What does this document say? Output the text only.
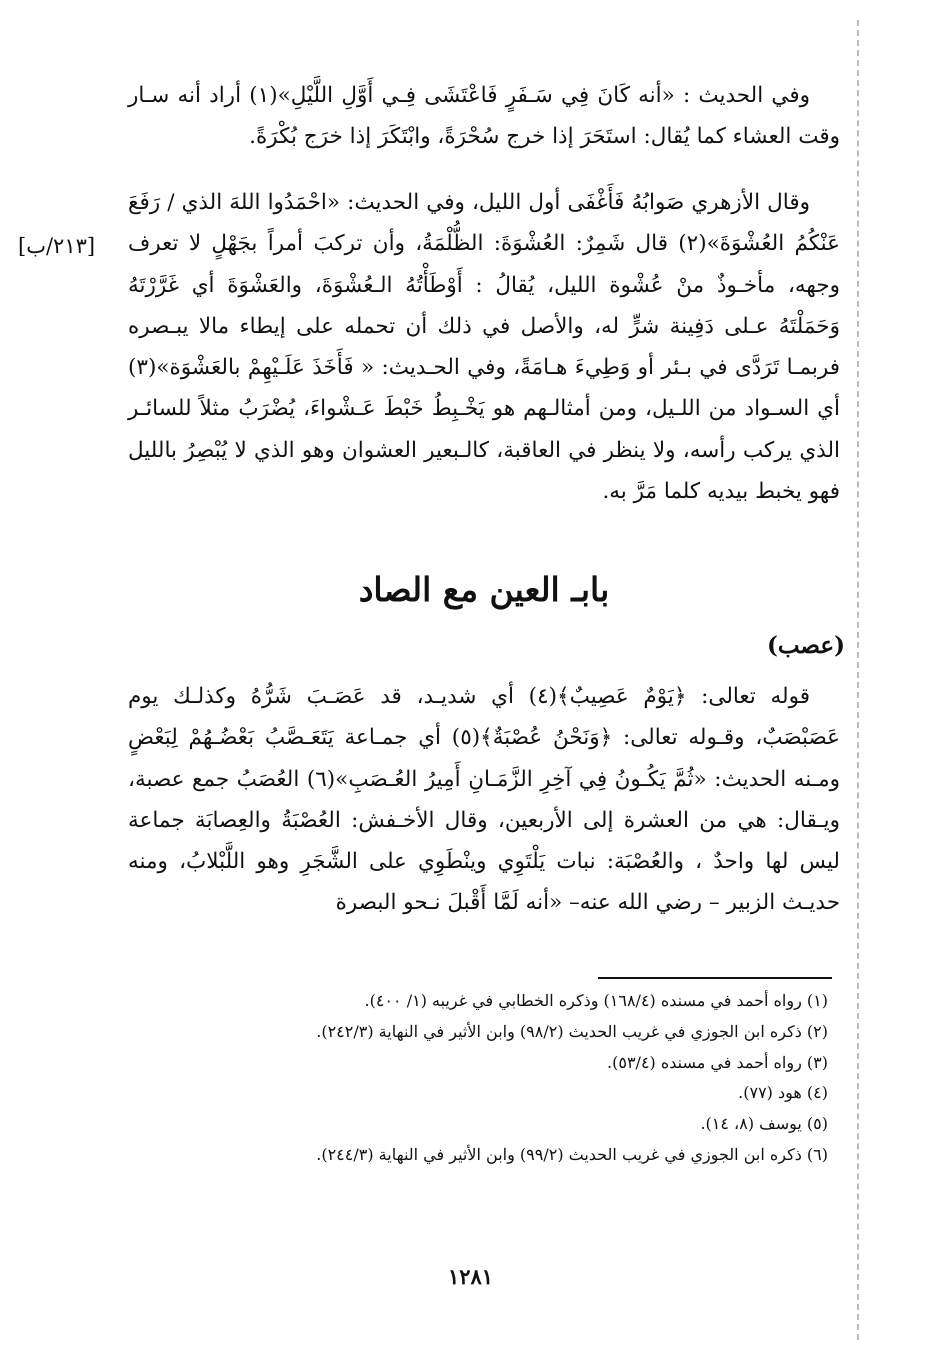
وفي الحديث : «أنه كَانَ فِي سَـفَرٍ فَاعْتَشَى فِـي أَوَّلِ اللَّيْلِ»(١) أراد أنه سـار وقت العشاء كما يُقال: استَحَرَ إذا خرج سُحْرَةً، وابْتَكَرَ إذا خرَج بُكْرَةً.

وقال الأزهري صَوابُهُ فَأَغْفَى أول الليل، وفي الحديث: «احْمَدُوا اللهَ الذي / رَفَعَ عَنْكُمُ العُشْوَةَ»(٢) قال شَمِرٌ: العُشْوَةَ: الظُّلْمَةُ، وأن تركبَ أمراً بجَهْلٍ لا تعرف وجهه، مأخـوذٌ منْ عُشْوة الليل، يُقالُ : أَوْطَأْتُهُ الـعُشْوَةَ، والعَشْوَةَ أي غَرَّرْتَهُ وَحَمَلْتَهُ عـلى دَفِينة شرٍّ له، والأصل في ذلك أن تحمله على إيطاء مالا يبـصره فربمـا تَرَدَّى في بـئر أو وَطِيءَ هـامَةً، وفي الحـديث: « فَأَخَذَ عَلَـيْهِمْ بالعَشْوَة»(٣) أي السـواد من اللـيل، ومن أمثالـهم هو يَخْـبِطُ خَبْطَ عَـشْواءَ، يُضْرَبُ مثلاً للسائـر الذي يركب رأسه، ولا ينظر في العاقبة، كالـبعير العشوان وهو الذي لا يُبْصِرُ بالليل فهو يخبط بيديه كلما مَرَّ به.

[٢١٣/ب]
بابـ العين مع الصاد
(عصب)

قوله تعالى: ﴿يَوْمٌ عَصِيبٌ﴾(٤) أي شديـد، قد عَصَـبَ شَرُّهُ وكذلـك يوم عَصَبْصَبٌ، وقـوله تعالى: ﴿وَنَحْنُ عُصْبَةٌ﴾(٥) أي جمـاعة يَتَعَـصَّبُ بَعْضُـهُمْ لِبَعْضٍ ومـنه الحديث: «ثُمَّ يَكُـونُ فِي آخِرِ الزَّمَـانِ أَمِيرُ العُـصَبِ»(٦) العُصَبُ جمع عصبة، ويـقال: هي من العشرة إلى الأربعين، وقال الأخـفش: العُصْبَةُ والعِصابَة جماعة ليس لها واحدٌ ، والعُصْبَة: نبات يَلْتَوِي وينْطَوِي على الشَّجَرِ وهو اللَّبْلابُ، ومنه حديـث الزبير – رضي الله عنه– «أنه لَمَّا أَقْبلَ نـحو البصرة

(١) رواه أحمد في مسنده (١٦٨/٤) وذكره الخطابي في غريبه (١/ ٤٠٠).

(٢) ذكره ابن الجوزي في غريب الحديث (٩٨/٢) وابن الأثير في النهاية (٢٤٢/٣).

(٣) رواه أحمد في مسنده (٥٣/٤).

(٤) هود (٧٧).

(٥) يوسف (٨، ١٤).

(٦) ذكره ابن الجوزي في غريب الحديث (٩٩/٢) وابن الأثير في النهاية (٢٤٤/٣).

١٢٨١
